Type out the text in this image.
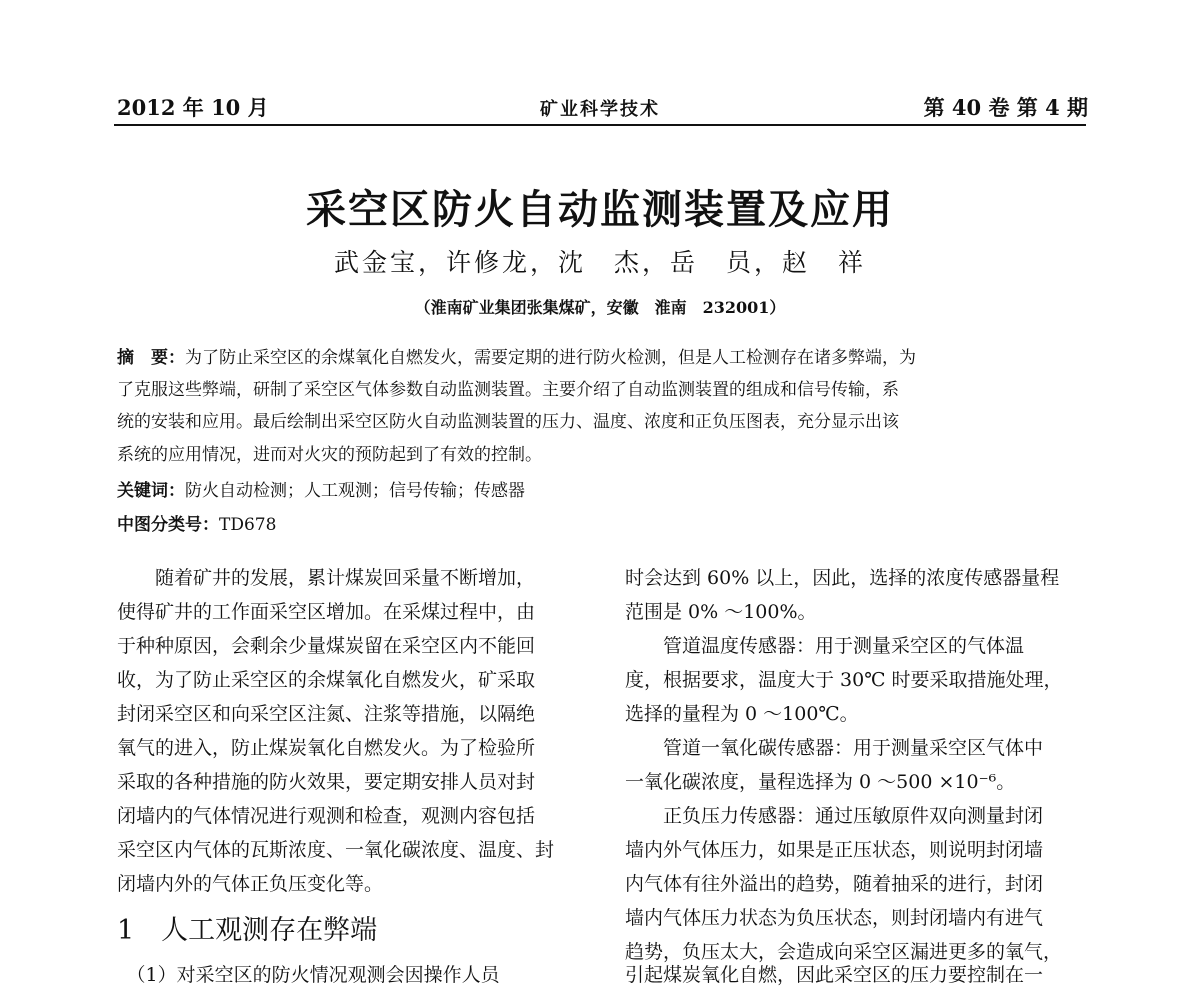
2012 年 10 月	矿业科学技术	第 40 卷 第 4 期
采空区防火自动监测装置及应用
武金宝，许修龙，沈　杰，岳　员，赵　祥
（淮南矿业集团张集煤矿，安徽　淮南　232001）
摘　要：为了防止采空区的余煤氧化自燃发火，需要定期的进行防火检测，但是人工检测存在诸多弊端，为
了克服这些弊端，研制了采空区气体参数自动监测装置。主要介绍了自动监测装置的组成和信号传输，系
统的安装和应用。最后绘制出采空区防火自动监测装置的压力、温度、浓度和正负压图表，充分显示出该
系统的应用情况，进而对火灾的预防起到了有效的控制。
关键词：防火自动检测；人工观测；信号传输；传感器
中图分类号：TD678
　　随着矿井的发展，累计煤炭回采量不断增加，
使得矿井的工作面采空区增加。在采煤过程中，由
于种种原因，会剩余少量煤炭留在采空区内不能回
收，为了防止采空区的余煤氧化自燃发火，矿采取
封闭采空区和向采空区注氮、注浆等措施，以隔绝
氧气的进入，防止煤炭氧化自燃发火。为了检验所
采取的各种措施的防火效果，要定期安排人员对封
闭墙内的气体情况进行观测和检查，观测内容包括
采空区内气体的瓦斯浓度、一氧化碳浓度、温度、封
闭墙内外的气体正负压变化等。
1　人工观测存在弊端
　（1）对采空区的防火情况观测会因操作人员
时会达到 60% 以上，因此，选择的浓度传感器量程
范围是 0% ～100%。
　　管道温度传感器：用于测量采空区的气体温
度，根据要求，温度大于 30℃ 时要采取措施处理，
选择的量程为 0 ～100℃。
　　管道一氧化碳传感器：用于测量采空区气体中
一氧化碳浓度，量程选择为 0 ～500 ×10⁻⁶。
　　正负压力传感器：通过压敏原件双向测量封闭
墙内外气体压力，如果是正压状态，则说明封闭墙
内气体有往外溢出的趋势，随着抽采的进行，封闭
墙内气体压力状态为负压状态，则封闭墙内有进气
趋势，负压太大，会造成向采空区漏进更多的氧气，
引起煤炭氧化自燃，因此采空区的压力要控制在一
